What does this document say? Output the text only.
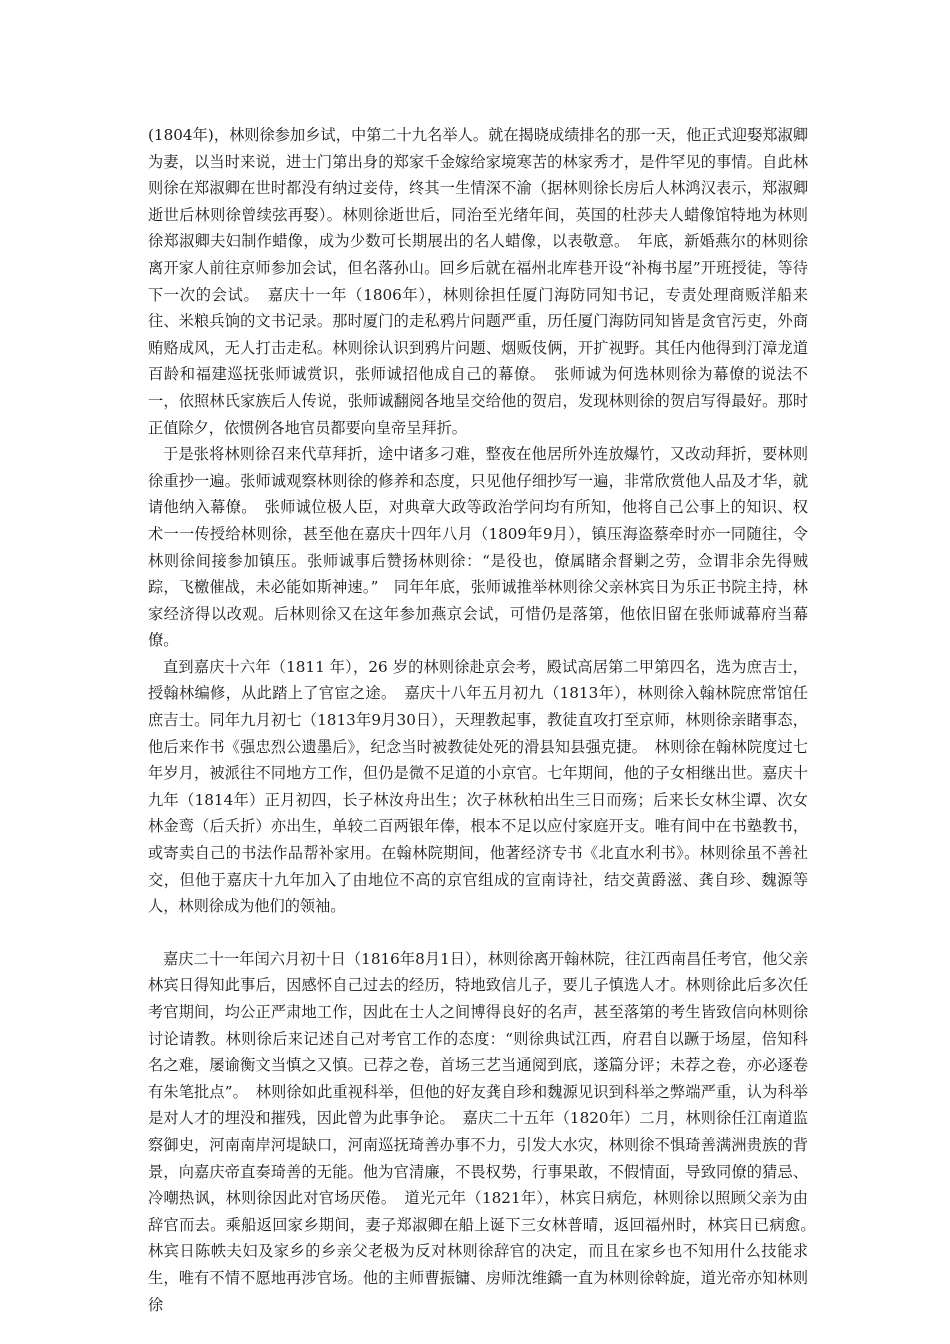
(1804年)，林则徐参加乡试，中第二十九名举人。就在揭晓成绩排名的那一天，他正式迎娶郑淑卿为妻，以当时来说，进士门第出身的郑家千金嫁给家境寒苦的林家秀才，是件罕见的事情。自此林则徐在郑淑卿在世时都没有纳过妾侍，终其一生情深不渝（据林则徐长房后人林鸿汉表示，郑淑卿逝世后林则徐曾续弦再娶）。林则徐逝世后，同治至光绪年间，英国的杜莎夫人蜡像馆特地为林则徐郑淑卿夫妇制作蜡像，成为少数可长期展出的名人蜡像，以表敬意。　年底，新婚燕尔的林则徐离开家人前往京师参加会试，但名落孙山。回乡后就在福州北库巷开设“补梅书屋”开班授徒，等待下一次的会试。　嘉庆十一年（1806年），林则徐担任厦门海防同知书记，专责处理商贩洋船来往、米粮兵饷的文书记录。那时厦门的走私鸦片问题严重，历任厦门海防同知皆是贪官污吏，外商贿赂成风，无人打击走私。林则徐认识到鸦片问题、烟贩伎俩，开扩视野。其任内他得到汀漳龙道百龄和福建巡抚张师诚赏识，张师诚招他成自己的幕僚。　张师诚为何选林则徐为幕僚的说法不一，依照林氏家族后人传说，张师诚翻阅各地呈交给他的贺启，发现林则徐的贺启写得最好。那时正值除夕，依惯例各地官员都要向皇帝呈拜折。

于是张将林则徐召来代草拜折，途中诸多刁难，整夜在他居所外连放爆竹，又改动拜折，要林则徐重抄一遍。张师诚观察林则徐的修养和态度，只见他仔细抄写一遍，非常欣赏他人品及才华，就请他纳入幕僚。　张师诚位极人臣，对典章大政等政治学问均有所知，他将自己公事上的知识、权术一一传授给林则徐，甚至他在嘉庆十四年八月（1809年9月），镇压海盗蔡牵时亦一同随往，令林则徐间接参加镇压。张师诚事后赞扬林则徐：“是役也，僚属睹余督剿之劳，佥谓非余先得贼踪，飞檄催战，未必能如斯神速。”　同年年底，张师诚推举林则徐父亲林宾日为乐正书院主持，林家经济得以改观。后林则徐又在这年参加燕京会试，可惜仍是落第，他依旧留在张师诚幕府当幕僚。

直到嘉庆十六年（1811 年），26 岁的林则徐赴京会考，殿试高居第二甲第四名，选为庶吉士，授翰林编修，从此踏上了官宦之途。　嘉庆十八年五月初九（1813年），林则徐入翰林院庶常馆任庶吉士。同年九月初七（1813年9月30日），天理教起事，教徒直攻打至京师，林则徐亲睹事态，他后来作书《强忠烈公遗墨后》，纪念当时被教徒处死的滑县知县强克捷。　林则徐在翰林院度过七年岁月，被派往不同地方工作，但仍是微不足道的小京官。七年期间，他的子女相继出世。嘉庆十九年（1814年）正月初四，长子林汝舟出生；次子林秋柏出生三日而殇；后来长女林尘谭、次女林金鸾（后夭折）亦出生，单较二百两银年俸，根本不足以应付家庭开支。唯有间中在书塾教书，或寄卖自己的书法作品帮补家用。在翰林院期间，他著经济专书《北直水利书》。林则徐虽不善社交，但他于嘉庆十九年加入了由地位不高的京官组成的宣南诗社，结交黄爵滋、龚自珍、魏源等人，林则徐成为他们的领袖。

嘉庆二十一年闰六月初十日（1816年8月1日），林则徐离开翰林院，往江西南昌任考官，他父亲林宾日得知此事后，因感怀自己过去的经历，特地致信儿子，要儿子慎选人才。林则徐此后多次任考官期间，均公正严肃地工作，因此在士人之间博得良好的名声，甚至落第的考生皆致信向林则徐讨论请教。林则徐后来记述自己对考官工作的态度：“则徐典试江西，府君自以蹶于场屋，倍知科名之难，屡谕衡文当慎之又慎。已荐之卷，首场三艺当通阅到底，遂篇分评；未荐之卷，亦必逐卷有朱笔批点”。　林则徐如此重视科举，但他的好友龚自珍和魏源见识到科举之弊端严重，认为科举是对人才的埋没和摧残，因此曾为此事争论。　嘉庆二十五年（1820年）二月，林则徐任江南道监察御史，河南南岸河堤缺口，河南巡抚琦善办事不力，引发大水灾，林则徐不惧琦善满洲贵族的背景，向嘉庆帝直奏琦善的无能。他为官清廉，不畏权势，行事果敢，不假情面，导致同僚的猜忌、冷嘲热讽，林则徐因此对官场厌倦。　道光元年（1821年），林宾日病危，林则徐以照顾父亲为由辞官而去。乘船返回家乡期间，妻子郑淑卿在船上诞下三女林普晴，返回福州时，林宾日已病愈。　林宾日陈帙夫妇及家乡的乡亲父老极为反对林则徐辞官的决定，而且在家乡也不知用什么技能求生，唯有不情不愿地再涉官场。他的主师曹振镛、房师沈维鐈一直为林则徐斡旋，道光帝亦知林则徐
